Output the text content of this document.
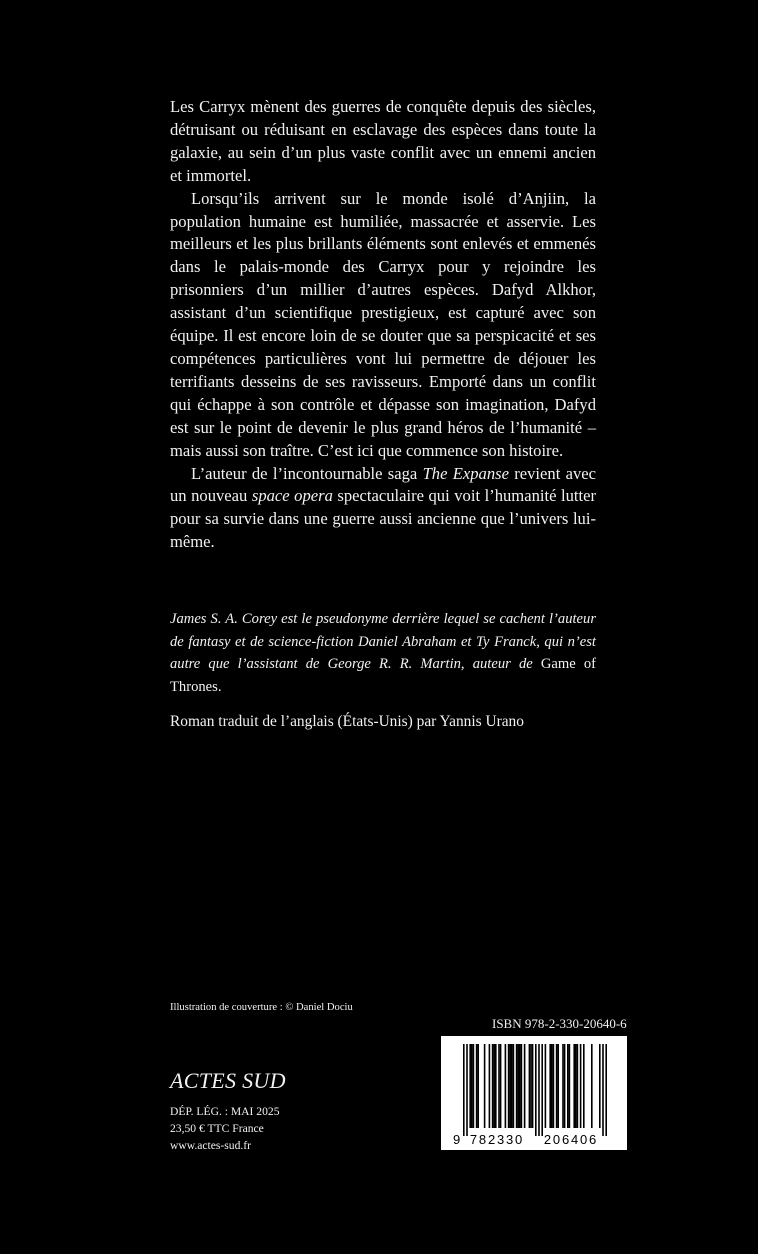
Les Carryx mènent des guerres de conquête depuis des siècles, détruisant ou réduisant en esclavage des espèces dans toute la galaxie, au sein d’un plus vaste conflit avec un ennemi ancien et immortel.

Lorsqu’ils arrivent sur le monde isolé d’Anjiin, la population humaine est humiliée, massacrée et asservie. Les meilleurs et les plus brillants éléments sont enlevés et emmenés dans le palais-monde des Carryx pour y rejoindre les prisonniers d’un millier d’autres espèces. Dafyd Alkhor, assistant d’un scientifique prestigieux, est capturé avec son équipe. Il est encore loin de se douter que sa perspicacité et ses compétences particulières vont lui permettre de déjouer les terrifiants desseins de ses ravisseurs. Emporté dans un conflit qui échappe à son contrôle et dépasse son imagination, Dafyd est sur le point de devenir le plus grand héros de l’humanité – mais aussi son traître. C’est ici que commence son histoire.

L’auteur de l’incontournable saga The Expanse revient avec un nouveau space opera spectaculaire qui voit l’humanité lutter pour sa survie dans une guerre aussi ancienne que l’univers lui-même.

James S. A. Corey est le pseudonyme derrière lequel se cachent l’auteur de fantasy et de science-fiction Daniel Abraham et Ty Franck, qui n’est autre que l’assistant de George R. R. Martin, auteur de Game of Thrones.
Roman traduit de l’anglais (États-Unis) par Yannis Urano
Illustration de couverture : © Daniel Dociu
ISBN 978-2-330-20640-6
9 782330 206406
ACTES SUD
DÉP. LÉG. : MAI 2025
23,50 € TTC France
www.actes-sud.fr
